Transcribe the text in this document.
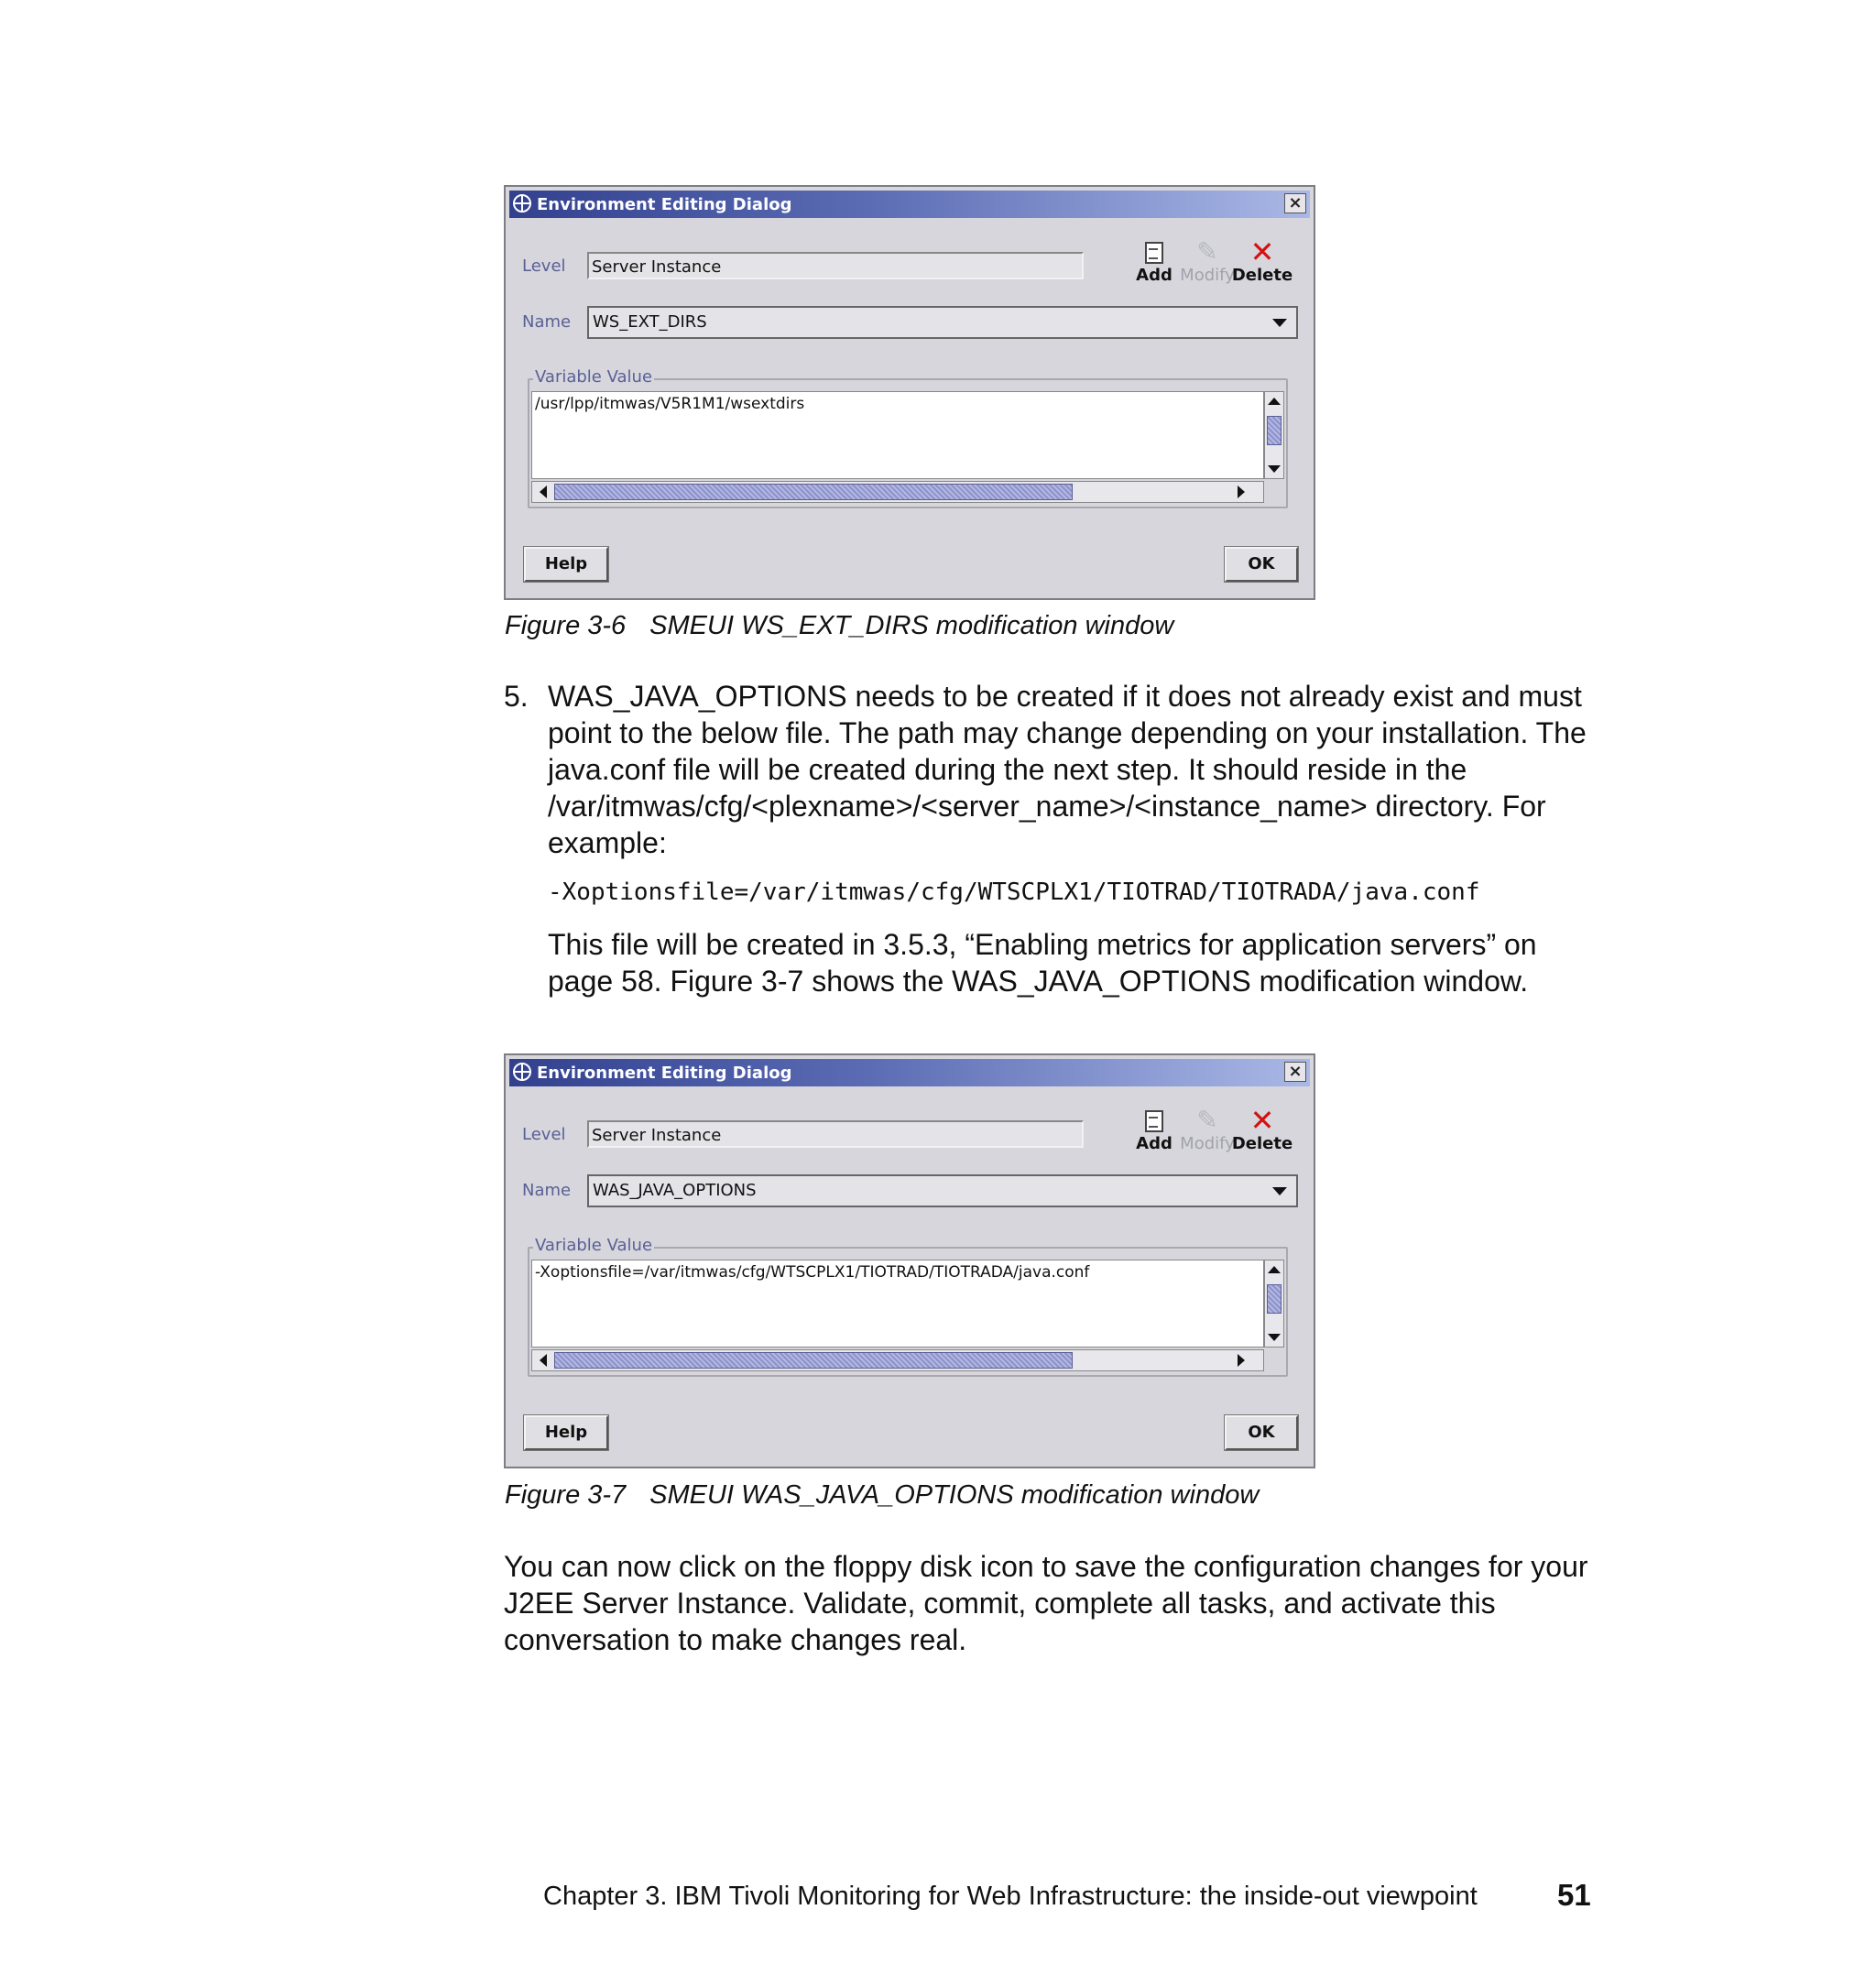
Environment Editing Dialog	×
Level Server Instance	Add
✎
Modify
✕
Delete
Name	WS_EXT_DIRS
Variable Value
/usr/lpp/itmwas/V5R1M1/wsextdirs
Help	OK
Figure 3-6 SMEUI WS_EXT_DIRS modification window
5. WAS_JAVA_OPTIONS needs to be created if it does not already exist and must point to the below file. The path may change depending on your installation. The java.conf file will be created during the next step. It should reside in the /var/itmwas/cfg/<plexname>/<server_name>/<instance_name> directory. For example:
-Xoptionsfile=/var/itmwas/cfg/WTSCPLX1/TIOTRAD/TIOTRADA/java.conf
This file will be created in 3.5.3, “Enabling metrics for application servers” on page 58. Figure 3-7 shows the WAS_JAVA_OPTIONS modification window.
Environment Editing Dialog	×
Level Server Instance	Add
✎
Modify
✕
Delete
Name	WAS_JAVA_OPTIONS
Variable Value
-Xoptionsfile=/var/itmwas/cfg/WTSCPLX1/TIOTRAD/TIOTRADA/java.conf
Help	OK
Figure 3-7 SMEUI WAS_JAVA_OPTIONS modification window
You can now click on the floppy disk icon to save the configuration changes for your J2EE Server Instance. Validate, commit, complete all tasks, and activate this conversation to make changes real.
Chapter 3. IBM Tivoli Monitoring for Web Infrastructure: the inside-out viewpoint	51
